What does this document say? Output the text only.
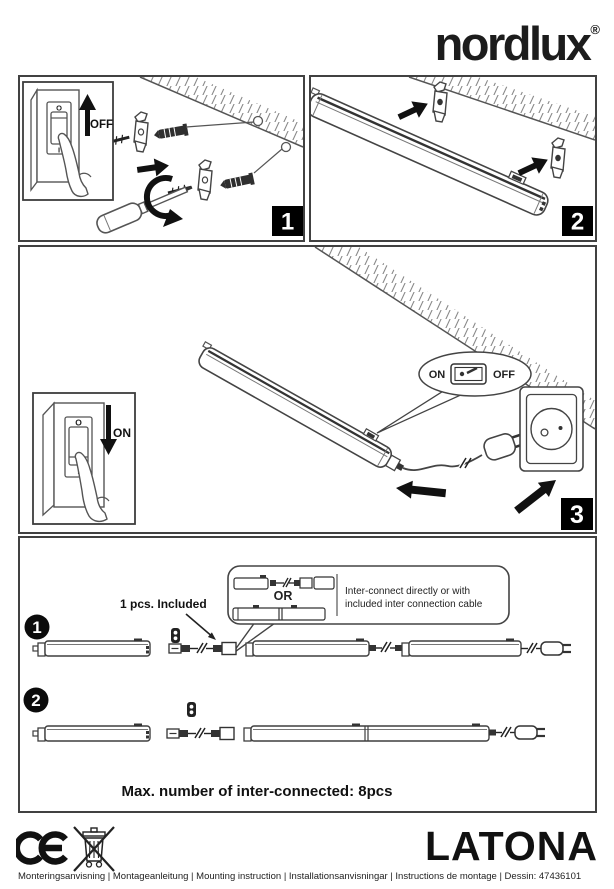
nordlux ®
O
I
OFF
1	2
ON	OFF
O
ON
3
OR	Inter-connect directly or with
included inter connection cable
1 pcs. Included
1
2
Max. number of inter-connected: 8pcs
LATONA
Monteringsanvisning | Montageanleitung | Mounting instruction | Installationsanvisningar | Instructions de montage | Dessin: 47436101
